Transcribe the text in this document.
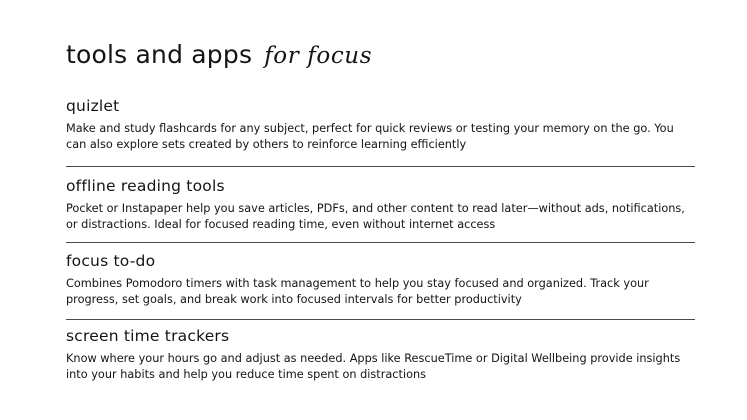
tools and apps for focus
quizlet

Make and study flashcards for any subject, perfect for quick reviews or testing your memory on the go. You can also explore sets created by others to reinforce learning efficiently

offline reading tools

Pocket or Instapaper help you save articles, PDFs, and other content to read later—without ads, notifications, or distractions. Ideal for focused reading time, even without internet access

focus to-do

Combines Pomodoro timers with task management to help you stay focused and organized. Track your progress, set goals, and break work into focused intervals for better productivity

screen time trackers

Know where your hours go and adjust as needed. Apps like RescueTime or Digital Wellbeing provide insights into your habits and help you reduce time spent on distractions
